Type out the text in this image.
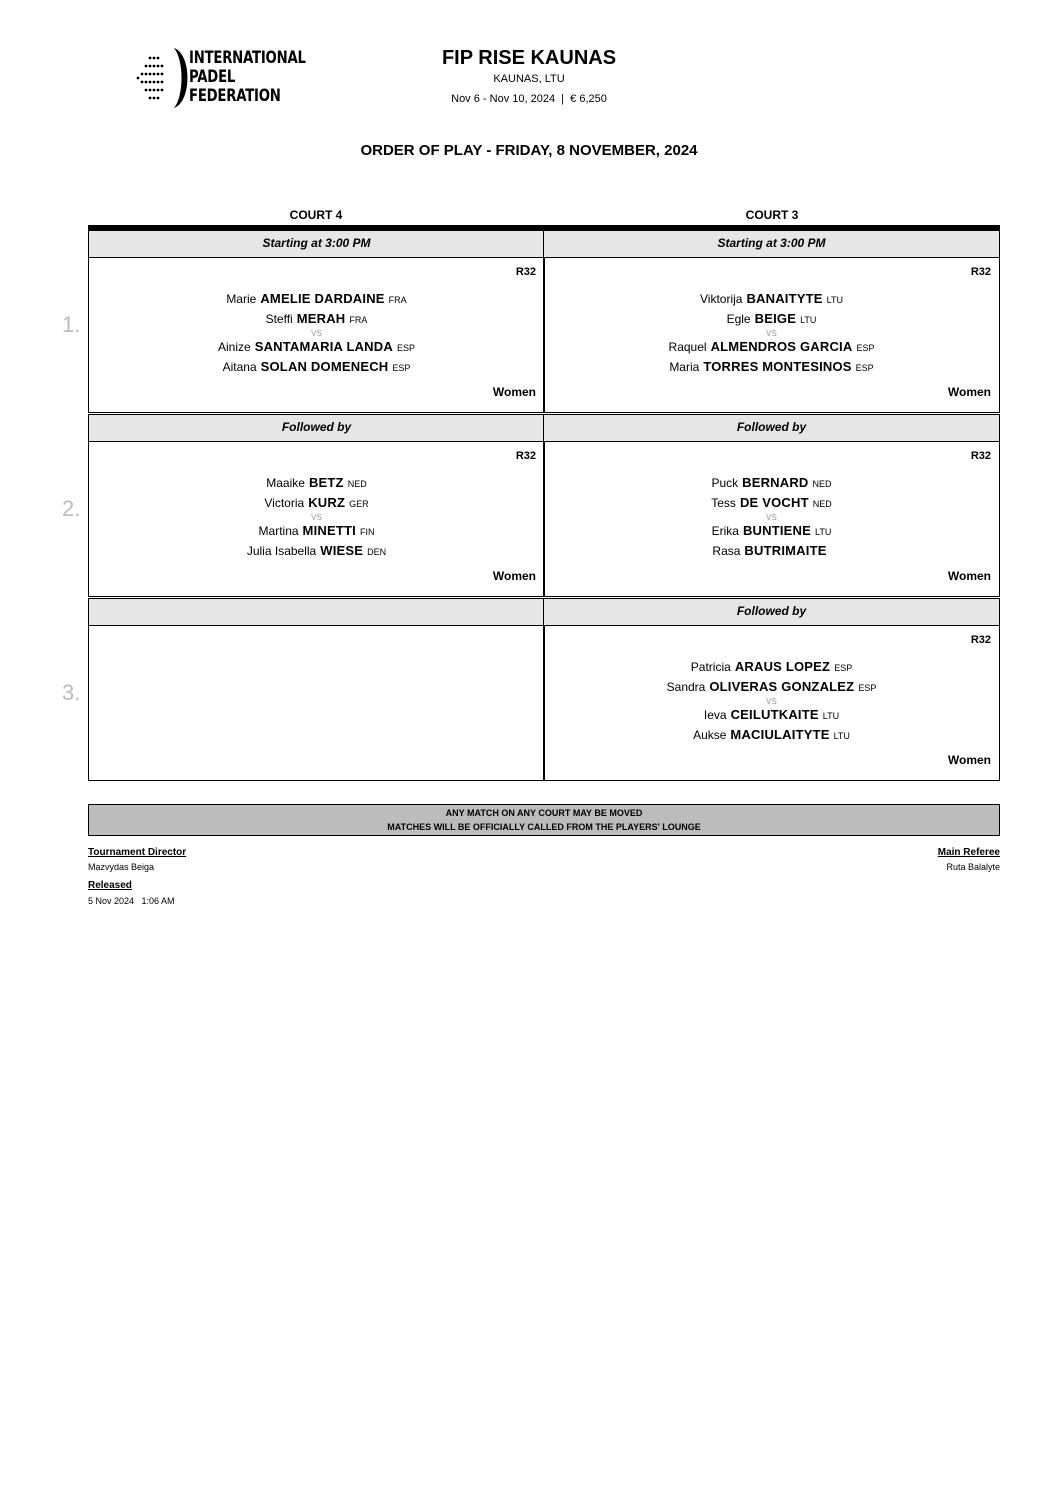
INTERNATIONAL
PADEL
FEDERATION
FIP RISE KAUNAS
KAUNAS, LTU
Nov 6 - Nov 10, 2024  |  € 6,250
ORDER OF PLAY - FRIDAY, 8 NOVEMBER, 2024
COURT 4	COURT 3
1.
Starting at 3:00 PM
R32
Marie AMELIE DARDAINE FRA
Steffi MERAH FRA
VS
Ainize SANTAMARIA LANDA ESP
Aitana SOLAN DOMENECH ESP
Women
Starting at 3:00 PM
R32
Viktorija BANAITYTE LTU
Egle BEIGE LTU
VS
Raquel ALMENDROS GARCIA ESP
Maria TORRES MONTESINOS ESP
Women
2.
Followed by
R32
Maaike BETZ NED
Victoria KURZ GER
VS
Martina MINETTI FIN
Julia Isabella WIESE DEN
Women
Followed by
R32
Puck BERNARD NED
Tess DE VOCHT NED
VS
Erika BUNTIENE LTU
Rasa BUTRIMAITE
Women
3.
Followed by
R32
Patricia ARAUS LOPEZ ESP
Sandra OLIVERAS GONZALEZ ESP
VS
Ieva CEILUTKAITE LTU
Aukse MACIULAITYTE LTU
Women
ANY MATCH ON ANY COURT MAY BE MOVED
MATCHES WILL BE OFFICIALLY CALLED FROM THE PLAYERS' LOUNGE
Tournament Director
Mazvydas Beiga
Released
5 Nov 2024   1:06 AM
Main Referee
Ruta Balalyte
